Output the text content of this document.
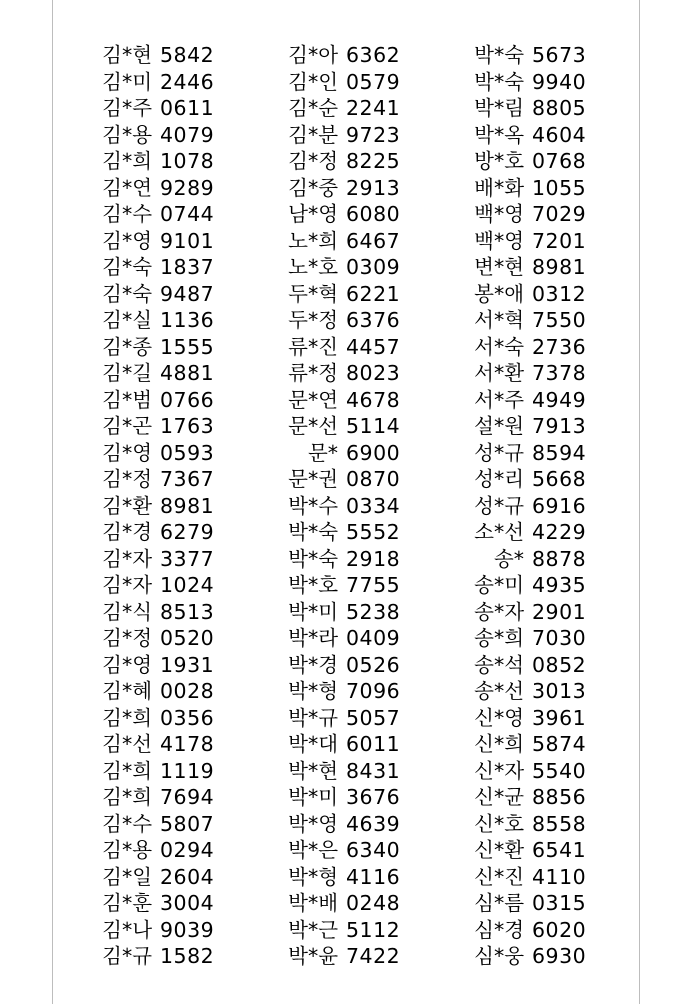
김*현 5842
김*미 2446
김*주 0611
김*용 4079
김*희 1078
김*연 9289
김*수 0744
김*영 9101
김*숙 1837
김*숙 9487
김*실 1136
김*종 1555
김*길 4881
김*범 0766
김*곤 1763
김*영 0593
김*정 7367
김*환 8981
김*경 6279
김*자 3377
김*자 1024
김*식 8513
김*정 0520
김*영 1931
김*혜 0028
김*희 0356
김*선 4178
김*희 1119
김*희 7694
김*수 5807
김*용 0294
김*일 2604
김*훈 3004
김*나 9039
김*규 1582
김*아 6362
김*인 0579
김*순 2241
김*분 9723
김*정 8225
김*중 2913
남*영 6080
노*희 6467
노*호 0309
두*혁 6221
두*정 6376
류*진 4457
류*정 8023
문*연 4678
문*선 5114
문* 6900
문*권 0870
박*수 0334
박*숙 5552
박*숙 2918
박*호 7755
박*미 5238
박*라 0409
박*경 0526
박*형 7096
박*규 5057
박*대 6011
박*현 8431
박*미 3676
박*영 4639
박*은 6340
박*형 4116
박*배 0248
박*근 5112
박*윤 7422
박*숙 5673
박*숙 9940
박*림 8805
박*옥 4604
방*호 0768
배*화 1055
백*영 7029
백*영 7201
변*현 8981
봉*애 0312
서*혁 7550
서*숙 2736
서*환 7378
서*주 4949
설*원 7913
성*규 8594
성*리 5668
성*규 6916
소*선 4229
송* 8878
송*미 4935
송*자 2901
송*희 7030
송*석 0852
송*선 3013
신*영 3961
신*희 5874
신*자 5540
신*균 8856
신*호 8558
신*환 6541
신*진 4110
심*름 0315
심*경 6020
심*웅 6930
